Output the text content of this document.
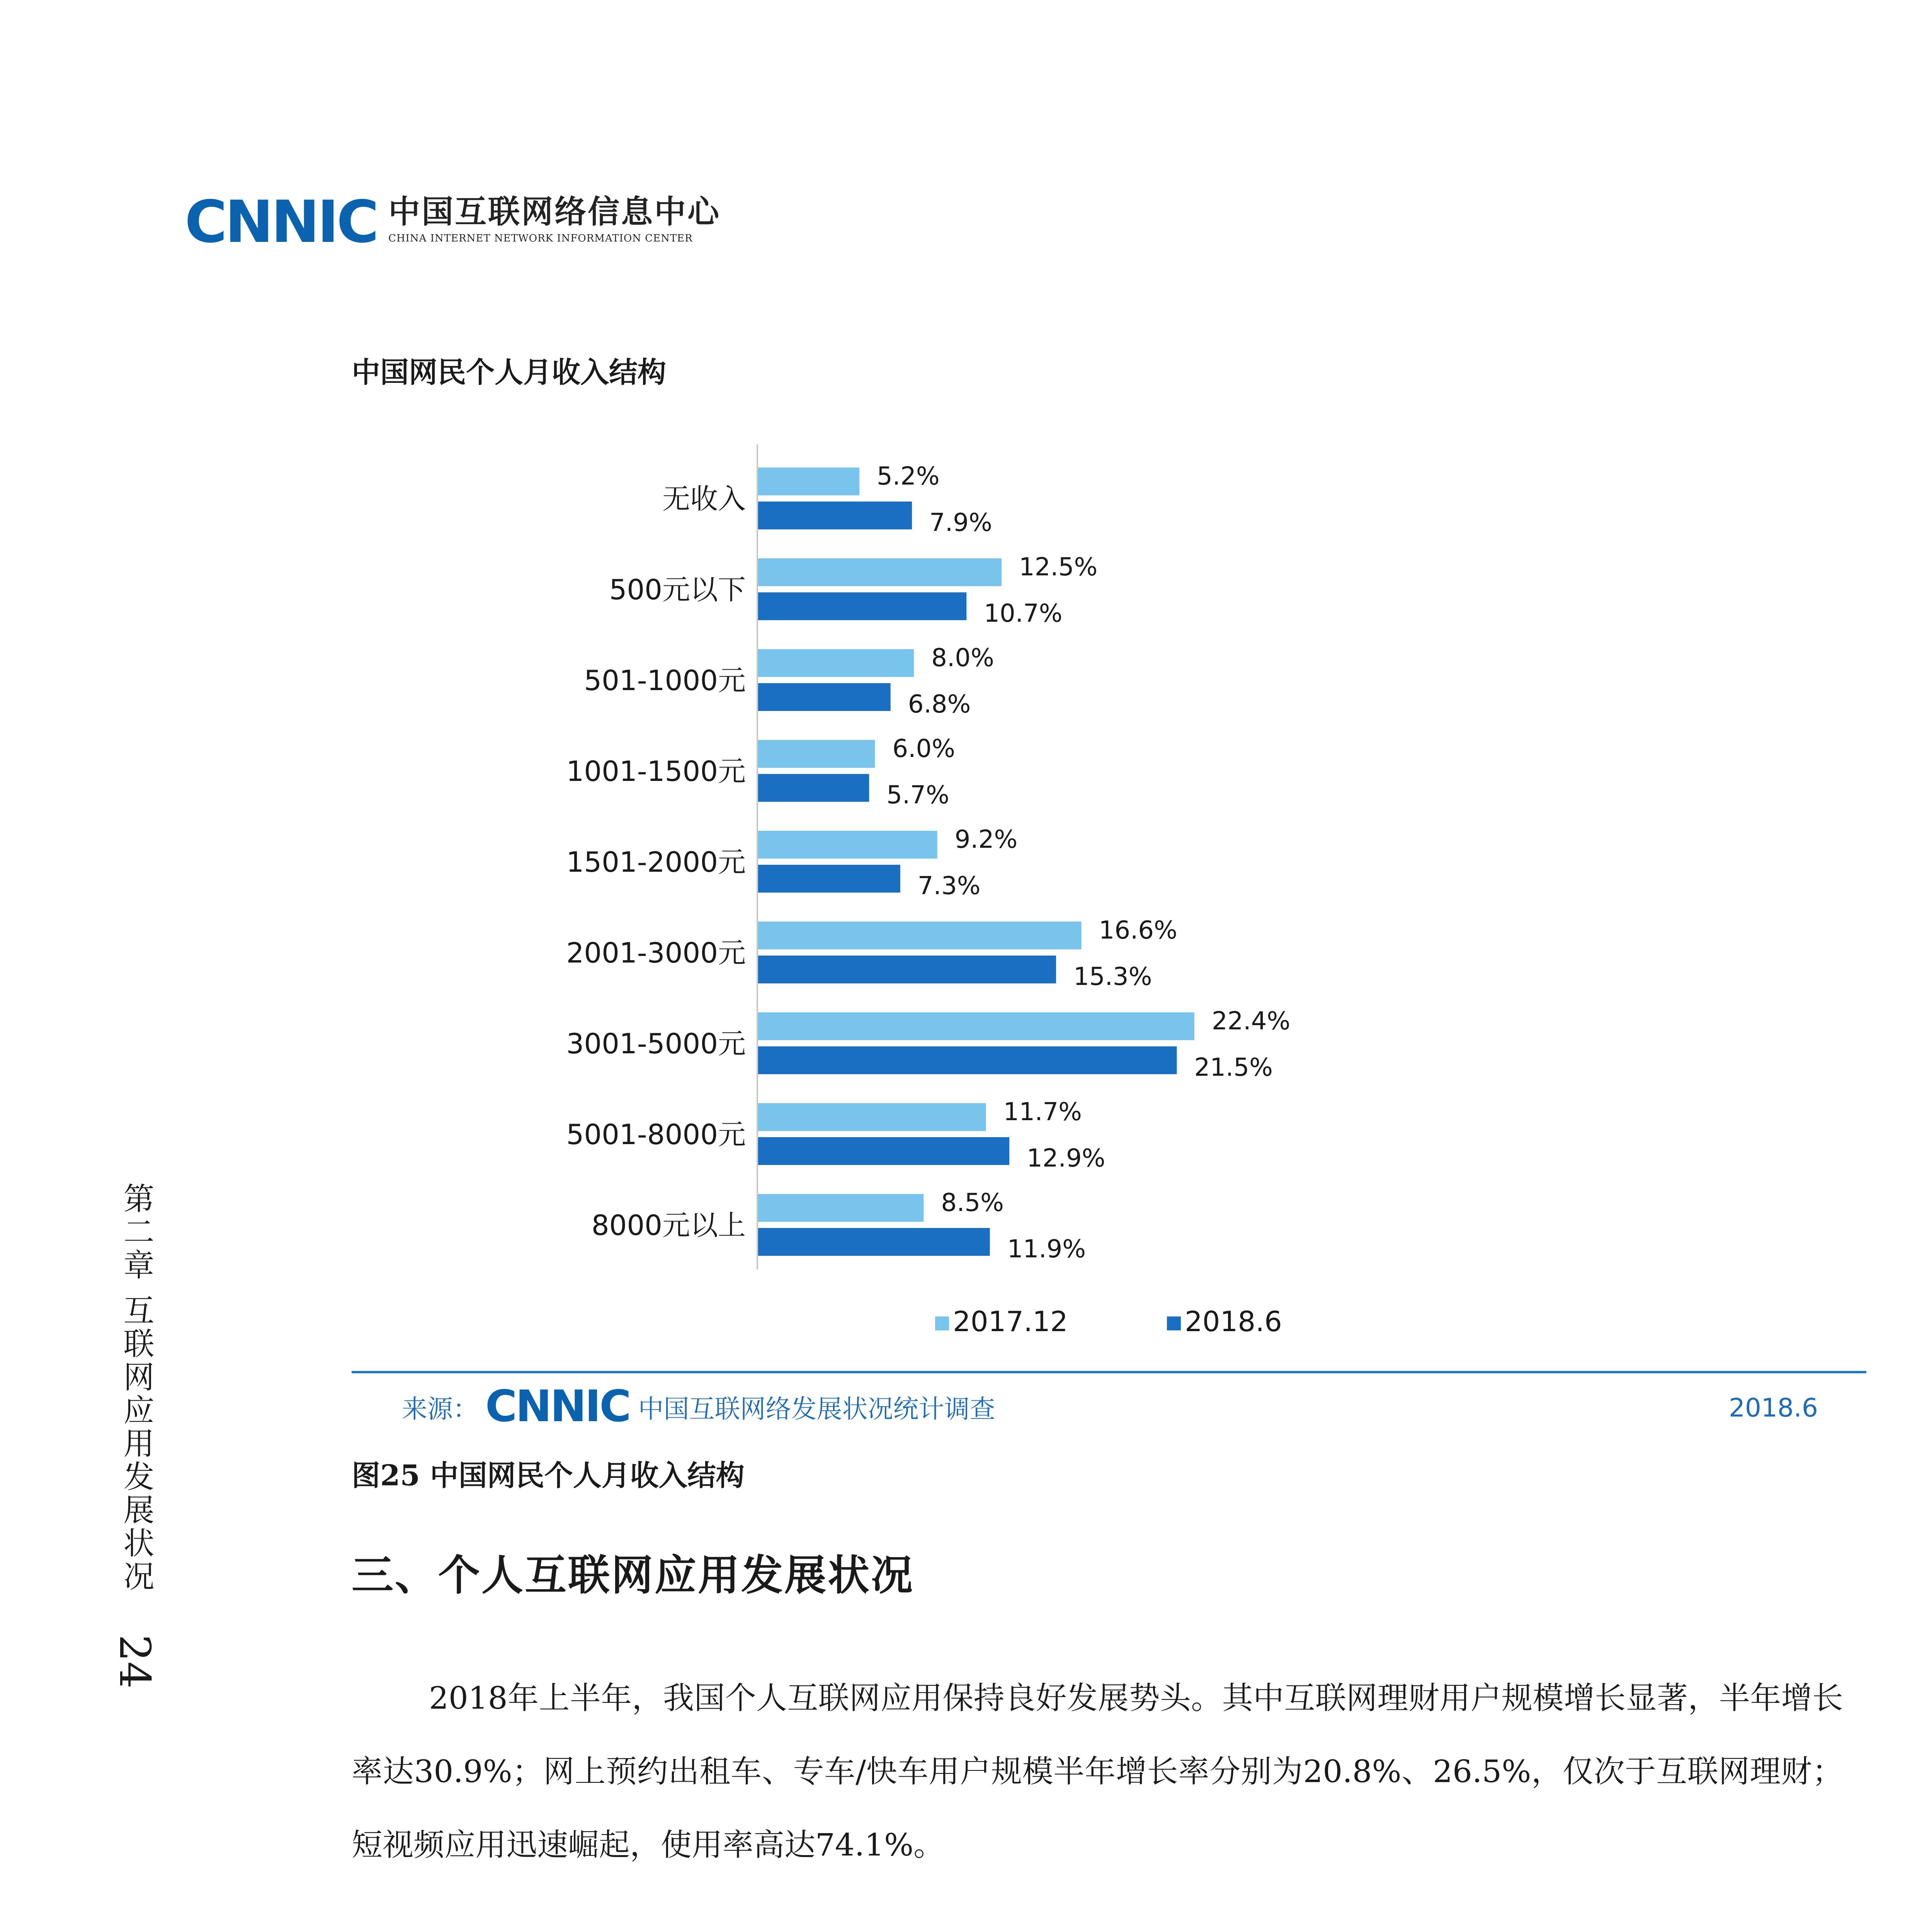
CNNIC 中国互联网络信息中心
CHINA INTERNET NETWORK INFORMATION CENTER
第二章 互联网应用发展状况
24
中国网民个人月收入结构
无收入
5.2%
7.9%
500元以下
12.5%
10.7%
501-1000元
8.0%
6.8%
1001-1500元
6.0%
5.7%
1501-2000元
9.2%
7.3%
2001-3000元
16.6%
15.3%
3001-5000元
22.4%
21.5%
5001-8000元
11.7%
12.9%
8000元以上
8.5%
11.9%
2017.12	2018.6
来源： CNNIC 中国互联网络发展状况统计调查	2018.6
图25 中国网民个人月收入结构
三、个人互联网应用发展状况
2018年上半年，我国个人互联网应用保持良好发展势头。其中互联网理财用户规模增长显著，半年增长率达30.9%；网上预约出租车、专车/快车用户规模半年增长率分别为20.8%、26.5%，仅次于互联网理财；短视频应用迅速崛起，使用率高达74.1%。
